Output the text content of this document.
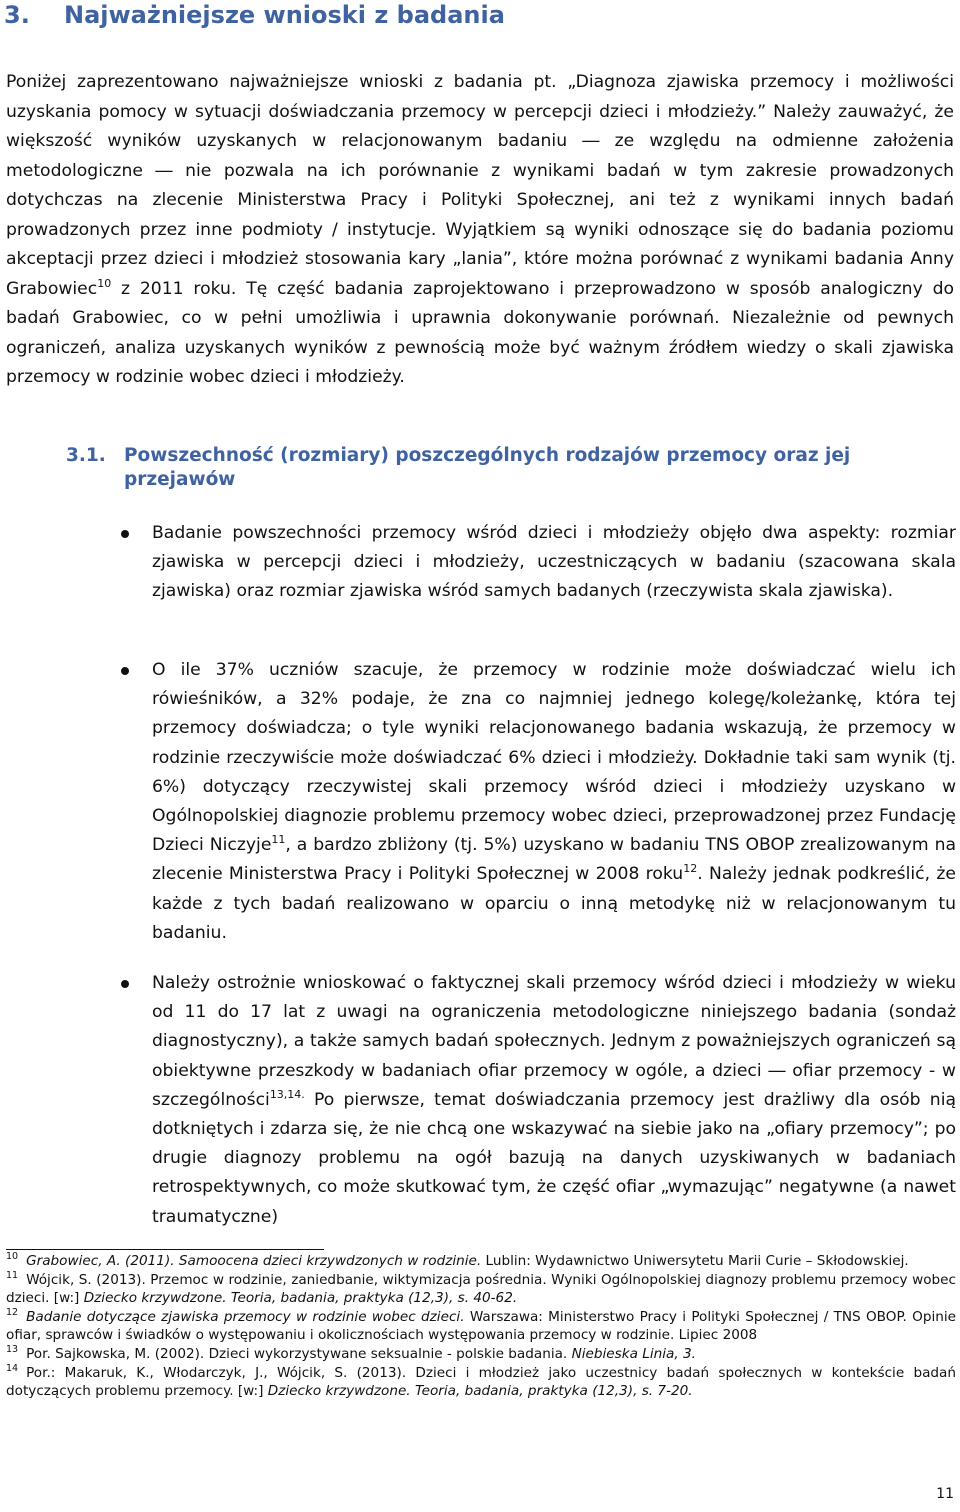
3. Najważniejsze wnioski z badania

Poniżej zaprezentowano najważniejsze wnioski z badania pt. „Diagnoza zjawiska przemocy i możliwości uzyskania pomocy w sytuacji doświadczania przemocy w percepcji dzieci i młodzieży.” Należy zauważyć, że większość wyników uzyskanych w relacjonowanym badaniu ― ze względu na odmienne założenia metodologiczne ― nie pozwala na ich porównanie z wynikami badań w tym zakresie prowadzonych dotychczas na zlecenie Ministerstwa Pracy i Polityki Społecznej, ani też z wynikami innych badań prowadzonych przez inne podmioty / instytucje. Wyjątkiem są wyniki odnoszące się do badania poziomu akceptacji przez dzieci i młodzież stosowania kary „lania”, które można porównać z wynikami badania Anny Grabowiec$^{10}$ z 2011 roku. Tę część badania zaprojektowano i przeprowadzono w sposób analogiczny do badań Grabowiec, co w pełni umożliwia i uprawnia dokonywanie porównań. Niezależnie od pewnych ograniczeń, analiza uzyskanych wyników z pewnością może być ważnym źródłem wiedzy o skali zjawiska przemocy w rodzinie wobec dzieci i młodzieży.

3.1. Powszechność (rozmiary) poszczególnych rodzajów przemocy oraz jej
przejawów

Badanie powszechności przemocy wśród dzieci i młodzieży objęło dwa aspekty: rozmiar zjawiska w percepcji dzieci i młodzieży, uczestniczących w badaniu (szacowana skala zjawiska) oraz rozmiar zjawiska wśród samych badanych (rzeczywista skala zjawiska).

O ile 37% uczniów szacuje, że przemocy w rodzinie może doświadczać wielu ich rówieśników, a 32% podaje, że zna co najmniej jednego kolegę/koleżankę, która tej przemocy doświadcza; o tyle wyniki relacjonowanego badania wskazują, że przemocy w rodzinie rzeczywiście może doświadczać 6% dzieci i młodzieży. Dokładnie taki sam wynik (tj. 6%) dotyczący rzeczywistej skali przemocy wśród dzieci i młodzieży uzyskano w Ogólnopolskiej diagnozie problemu przemocy wobec dzieci, przeprowadzonej przez Fundację Dzieci Niczyje$^{11}$, a bardzo zbliżony (tj. 5%) uzyskano w badaniu TNS OBOP zrealizowanym na zlecenie Ministerstwa Pracy i Polityki Społecznej w 2008 roku$^{12}$. Należy jednak podkreślić, że każde z tych badań realizowano w oparciu o inną metodykę niż w relacjonowanym tu badaniu.

Należy ostrożnie wnioskować o faktycznej skali przemocy wśród dzieci i młodzieży w wieku od 11 do 17 lat z uwagi na ograniczenia metodologiczne niniejszego badania (sondaż diagnostyczny), a także samych badań społecznych. Jednym z poważniejszych ograniczeń są obiektywne przeszkody w badaniach ofiar przemocy w ogóle, a dzieci ― ofiar przemocy - w szczególności$^{13,14.}$ Po pierwsze, temat doświadczania przemocy jest drażliwy dla osób nią dotkniętych i zdarza się, że nie chcą one wskazywać na siebie jako na „ofiary przemocy”; po drugie diagnozy problemu na ogół bazują na danych uzyskiwanych w badaniach retrospektywnych, co może skutkować tym, że część ofiar „wymazując” negatywne (a nawet traumatyczne)

$^{10}$ Grabowiec, A. (2011). Samoocena dzieci krzywdzonych w rodzinie. Lublin: Wydawnictwo Uniwersytetu Marii Curie – Skłodowskiej.
$^{11}$ Wójcik, S. (2013). Przemoc w rodzinie, zaniedbanie, wiktymizacja pośrednia. Wyniki Ogólnopolskiej diagnozy problemu przemocy wobec dzieci. [w:] Dziecko krzywdzone. Teoria, badania, praktyka (12,3), s. 40-62.
$^{12}$ Badanie dotyczące zjawiska przemocy w rodzinie wobec dzieci. Warszawa: Ministerstwo Pracy i Polityki Społecznej / TNS OBOP. Opinie ofiar, sprawców i świadków o występowaniu i okolicznościach występowania przemocy w rodzinie. Lipiec 2008
$^{13}$ Por. Sajkowska, M. (2002). Dzieci wykorzystywane seksualnie - polskie badania. Niebieska Linia, 3.
$^{14}$ Por.: Makaruk, K., Włodarczyk, J., Wójcik, S. (2013). Dzieci i młodzież jako uczestnicy badań społecznych w kontekście badań dotyczących problemu przemocy. [w:] Dziecko krzywdzone. Teoria, badania, praktyka (12,3), s. 7-20.
11
